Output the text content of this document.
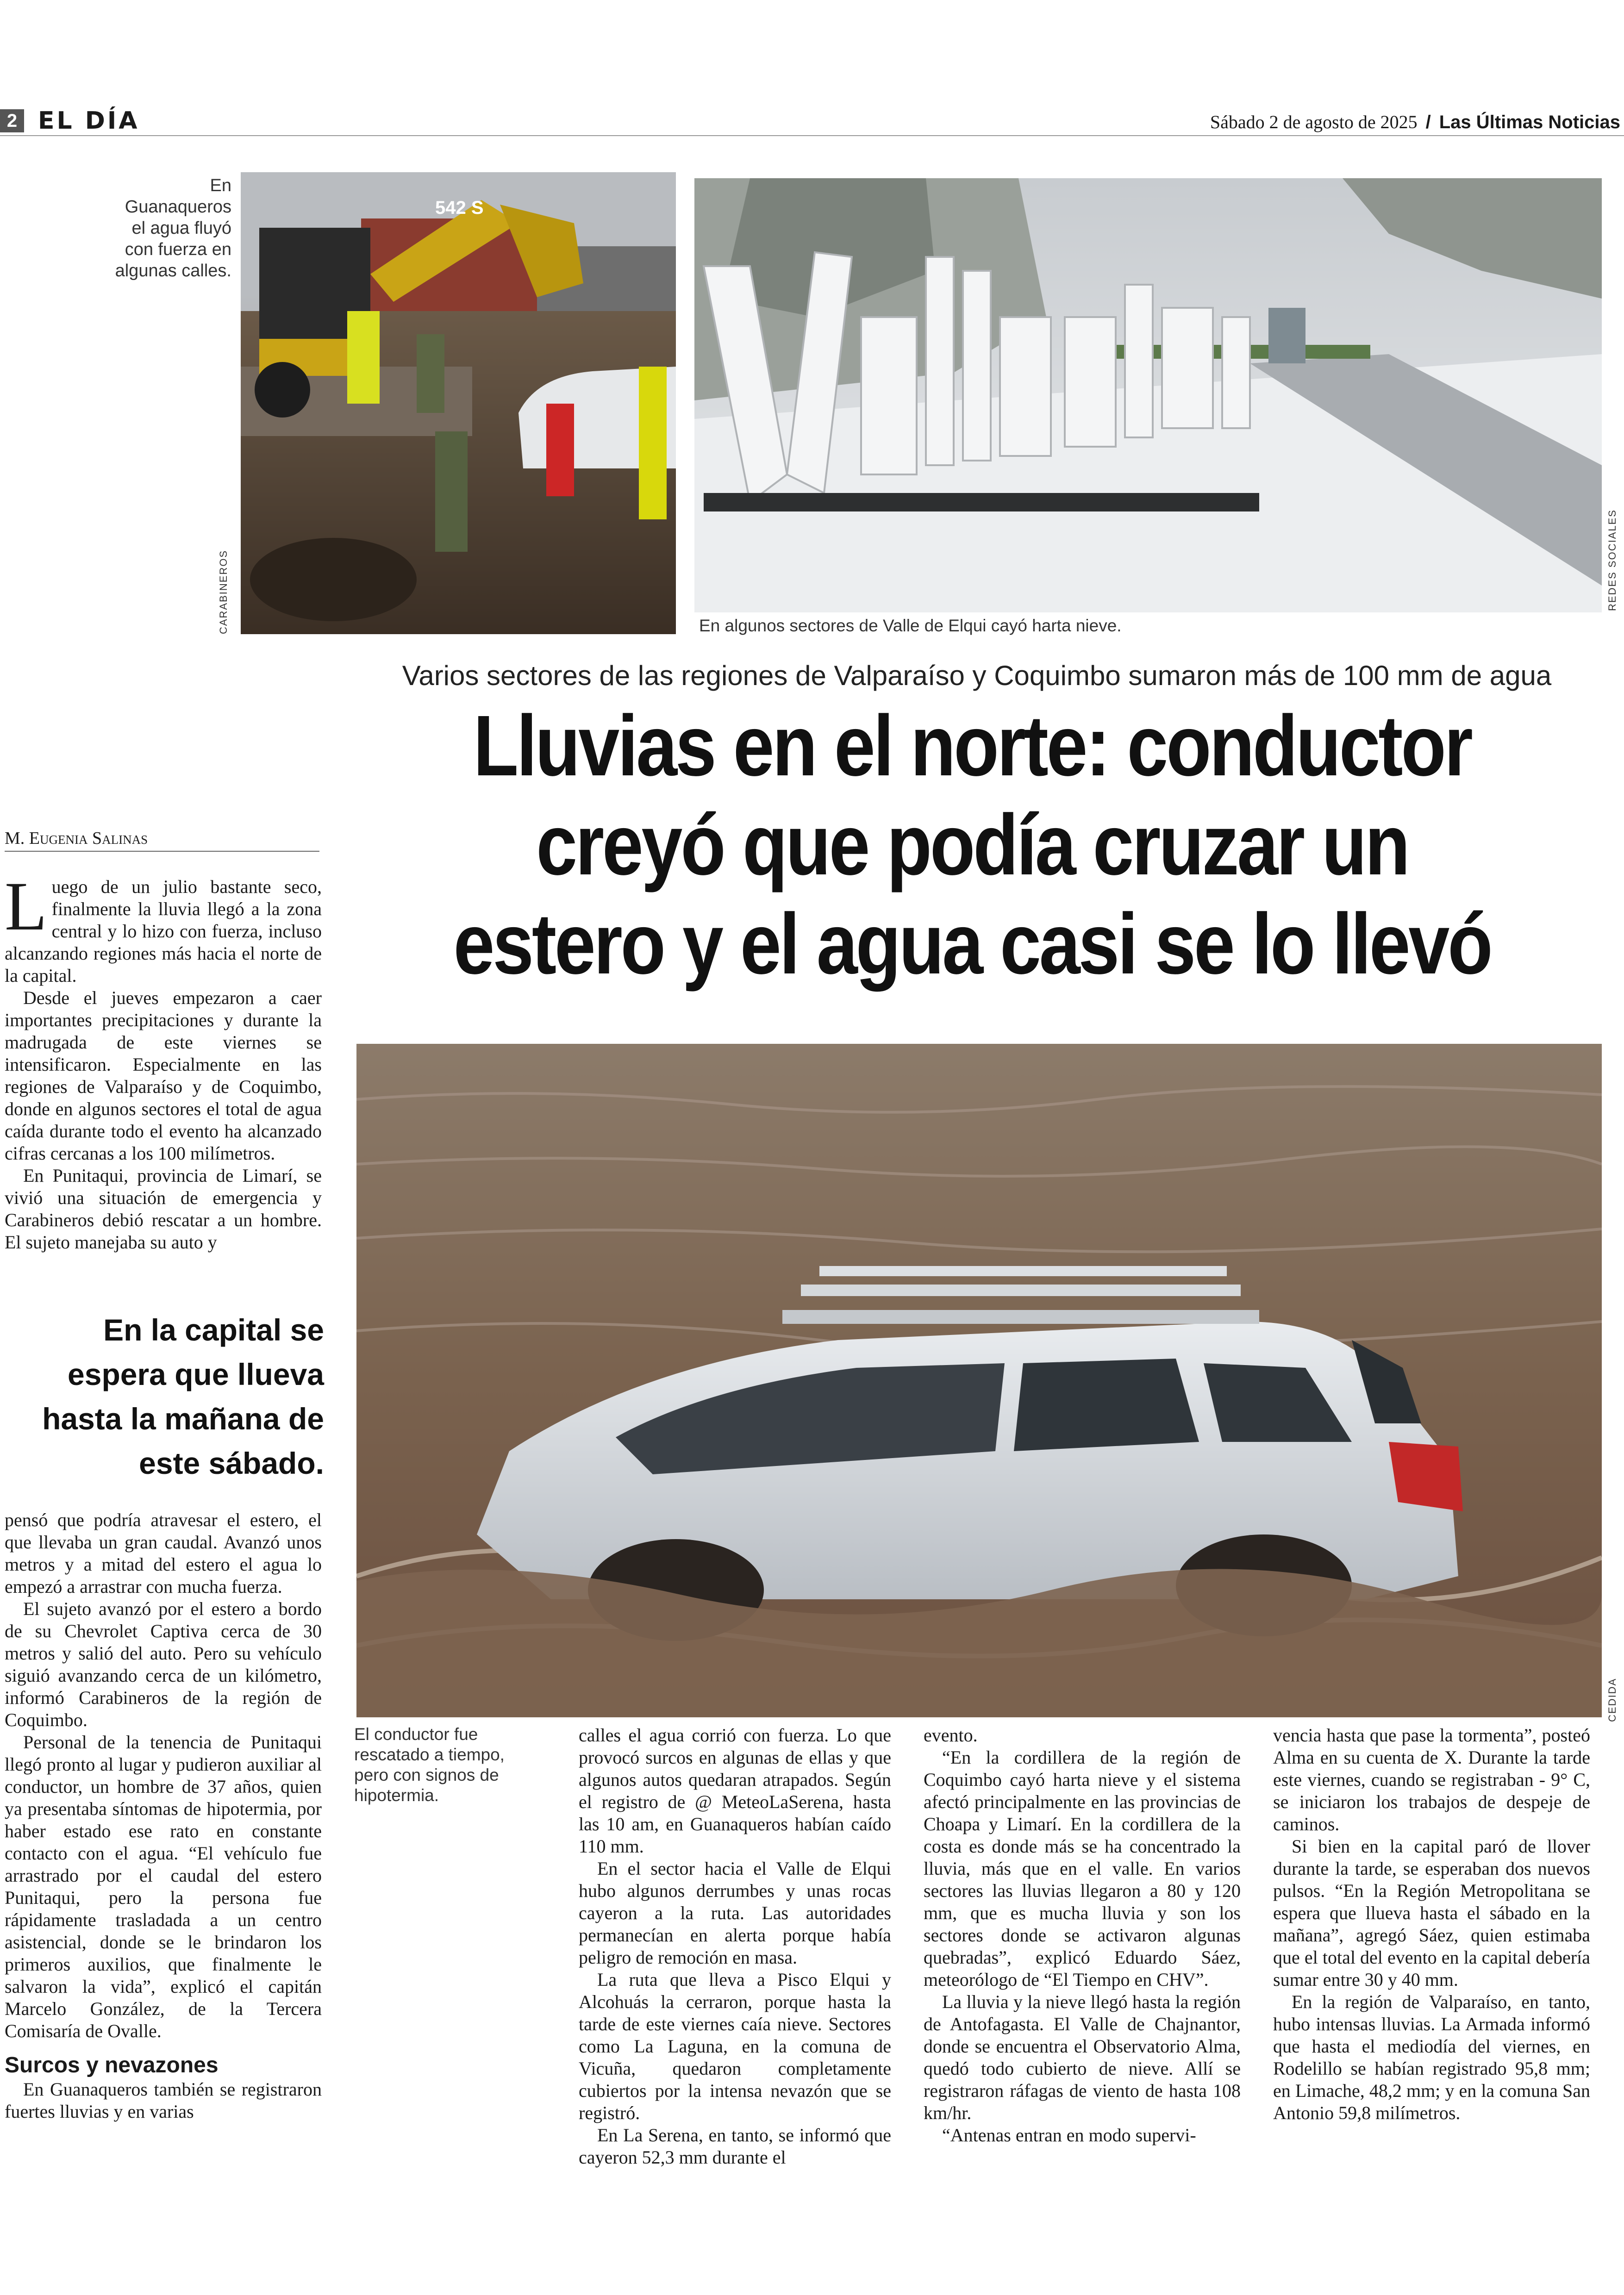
2 EL DÍA	Sábado 2 de agosto de 2025 / Las Últimas Noticias
En Guanaqueros el agua fluyó con fuerza en algunas calles.
CARABINEROS
542 S
En algunos sectores de Valle de Elqui cayó harta nieve.
REDES SOCIALES
Varios sectores de las regiones de Valparaíso y Coquimbo sumaron más de 100 mm de agua
Lluvias en el norte: conductor
creyó que podía cruzar un
estero y el agua casi se lo llevó
M. Eugenia Salinas

Luego de un julio bastante seco, finalmente la lluvia llegó a la zona central y lo hizo con fuerza, incluso alcanzando regiones más hacia el norte de la capital.

Desde el jueves empezaron a caer importantes precipitaciones y durante la madrugada de este viernes se intensificaron. Especialmente en las regiones de Valparaíso y de Coquimbo, donde en algunos sectores el total de agua caída durante todo el evento ha alcanzado cifras cercanas a los 100 milímetros.

En Punitaqui, provincia de Limarí, se vivió una situación de emergencia y Carabineros debió rescatar a un hombre. El sujeto manejaba su auto y

En la capital se espera que llueva hasta la mañana de este sábado.
CEDIDA

pensó que podría atravesar el estero, el que llevaba un gran caudal. Avanzó unos metros y a mitad del estero el agua lo empezó a arrastrar con mucha fuerza.

El sujeto avanzó por el estero a bordo de su Chevrolet Captiva cerca de 30 metros y salió del auto. Pero su vehículo siguió avanzando cerca de un kilómetro, informó Carabineros de la región de Coquimbo.

Personal de la tenencia de Punitaqui llegó pronto al lugar y pudieron auxiliar al conductor, un hombre de 37 años, quien ya presentaba síntomas de hipotermia, por haber estado ese rato en constante contacto con el agua. “El vehículo fue arrastrado por el caudal del estero Punitaqui, pero la persona fue rápidamente trasladada a un centro asistencial, donde se le brindaron los primeros auxilios, que finalmente le salvaron la vida”, explicó el capitán Marcelo González, de la Tercera Comisaría de Ovalle.

Surcos y nevazones

En Guanaqueros también se registraron fuertes lluvias y en varias

El conductor fue rescatado a tiempo, pero con signos de hipotermia.

calles el agua corrió con fuerza. Lo que provocó surcos en algunas de ellas y que algunos autos quedaran atrapados. Según el registro de @ MeteoLaSerena, hasta las 10 am, en Guanaqueros habían caído 110 mm.

En el sector hacia el Valle de Elqui hubo algunos derrumbes y unas rocas cayeron a la ruta. Las autoridades permanecían en alerta porque había peligro de remoción en masa.

La ruta que lleva a Pisco Elqui y Alcohuás la cerraron, porque hasta la tarde de este viernes caía nieve. Sectores como La Laguna, en la comuna de Vicuña, quedaron completamente cubiertos por la intensa nevazón que se registró.

En La Serena, en tanto, se informó que cayeron 52,3 mm durante el

evento.

“En la cordillera de la región de Coquimbo cayó harta nieve y el sistema afectó principalmente en las provincias de Choapa y Limarí. En la cordillera de la costa es donde más se ha concentrado la lluvia, más que en el valle. En varios sectores las lluvias llegaron a 80 y 120 mm, que es mucha lluvia y son los sectores donde se activaron algunas quebradas”, explicó Eduardo Sáez, meteorólogo de “El Tiempo en CHV”.

La lluvia y la nieve llegó hasta la región de Antofagasta. El Valle de Chajnantor, donde se encuentra el Observatorio Alma, quedó todo cubierto de nieve. Allí se registraron ráfagas de viento de hasta 108 km/hr.

“Antenas entran en modo supervi-

vencia hasta que pase la tormenta”, posteó Alma en su cuenta de X. Durante la tarde este viernes, cuando se registraban - 9° C, se iniciaron los trabajos de despeje de caminos.

Si bien en la capital paró de llover durante la tarde, se esperaban dos nuevos pulsos. “En la Región Metropolitana se espera que llueva hasta el sábado en la mañana”, agregó Sáez, quien estimaba que el total del evento en la capital debería sumar entre 30 y 40 mm.

En la región de Valparaíso, en tanto, hubo intensas lluvias. La Armada informó que hasta el mediodía del viernes, en Rodelillo se habían registrado 95,8 mm; en Limache, 48,2 mm; y en la comuna San Antonio 59,8 milímetros.
